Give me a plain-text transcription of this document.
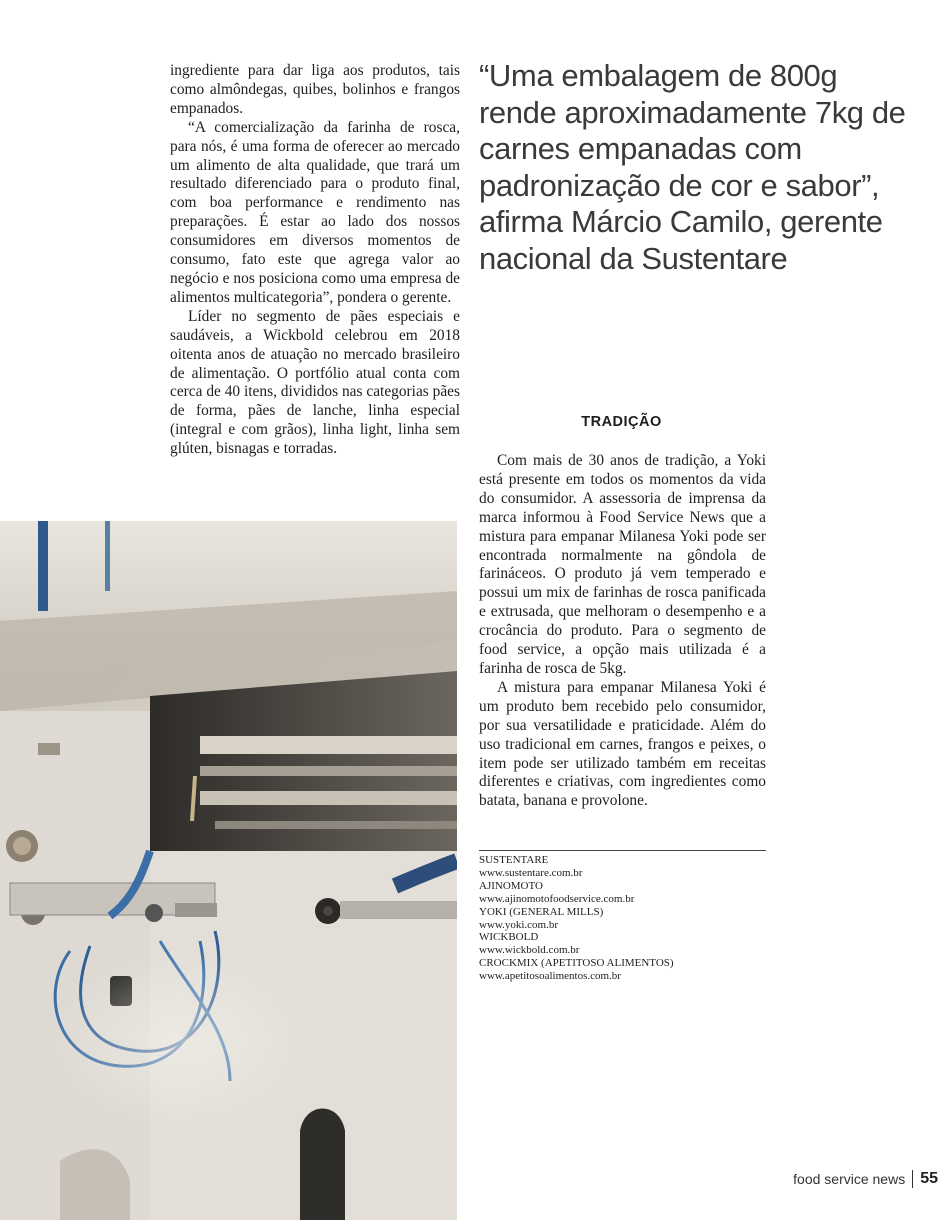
ingrediente para dar liga aos produtos, tais como almôndegas, quibes, bolinhos e frangos empanados.

“A comercialização da farinha de rosca, para nós, é uma forma de oferecer ao mercado um alimento de alta qualidade, que trará um resultado diferenciado para o produto final, com boa performance e rendimento nas preparações. É estar ao lado dos nossos consumidores em diversos momentos de consumo, fato este que agrega valor ao negócio e nos posiciona como uma empresa de alimentos multicategoria”, pondera o gerente.

Líder no segmento de pães especiais e saudáveis, a Wickbold celebrou em 2018 oitenta anos de atuação no mercado brasileiro de alimentação. O portfólio atual conta com cerca de 40 itens, divididos nas categorias pães de forma, pães de lanche, linha especial (integral e com grãos), linha light, linha sem glúten, bisnagas e torradas.

“Uma embalagem de 800g rende aproximadamente 7kg de carnes empanadas com padronização de cor e sabor”, afirma Márcio Camilo, gerente nacional da Sustentare
TRADIÇÃO

Com mais de 30 anos de tradição, a Yoki está presente em todos os momentos da vida do consumidor. A assessoria de imprensa da marca informou à Food Service News que a mistura para empanar Milanesa Yoki pode ser encontrada normalmente na gôndola de farináceos. O produto já vem temperado e possui um mix de farinhas de rosca panificada e extrusada, que melhoram o desempenho e a crocância do produto. Para o segmento de food service, a opção mais utilizada é a farinha de rosca de 5kg.

A mistura para empanar Milanesa Yoki é um produto bem recebido pelo consumidor, por sua versatilidade e praticidade. Além do uso tradicional em carnes, frangos e peixes, o item pode ser utilizado também em receitas diferentes e criativas, com ingredientes como batata, banana e provolone.

SUSTENTARE
www.sustentare.com.br
AJINOMOTO
www.ajinomotofoodservice.com.br
YOKI (GENERAL MILLS)
www.yoki.com.br
WICKBOLD
www.wickbold.com.br
CROCKMIX (APETITOSO ALIMENTOS)
www.apetitosoalimentos.com.br
food service news 55
